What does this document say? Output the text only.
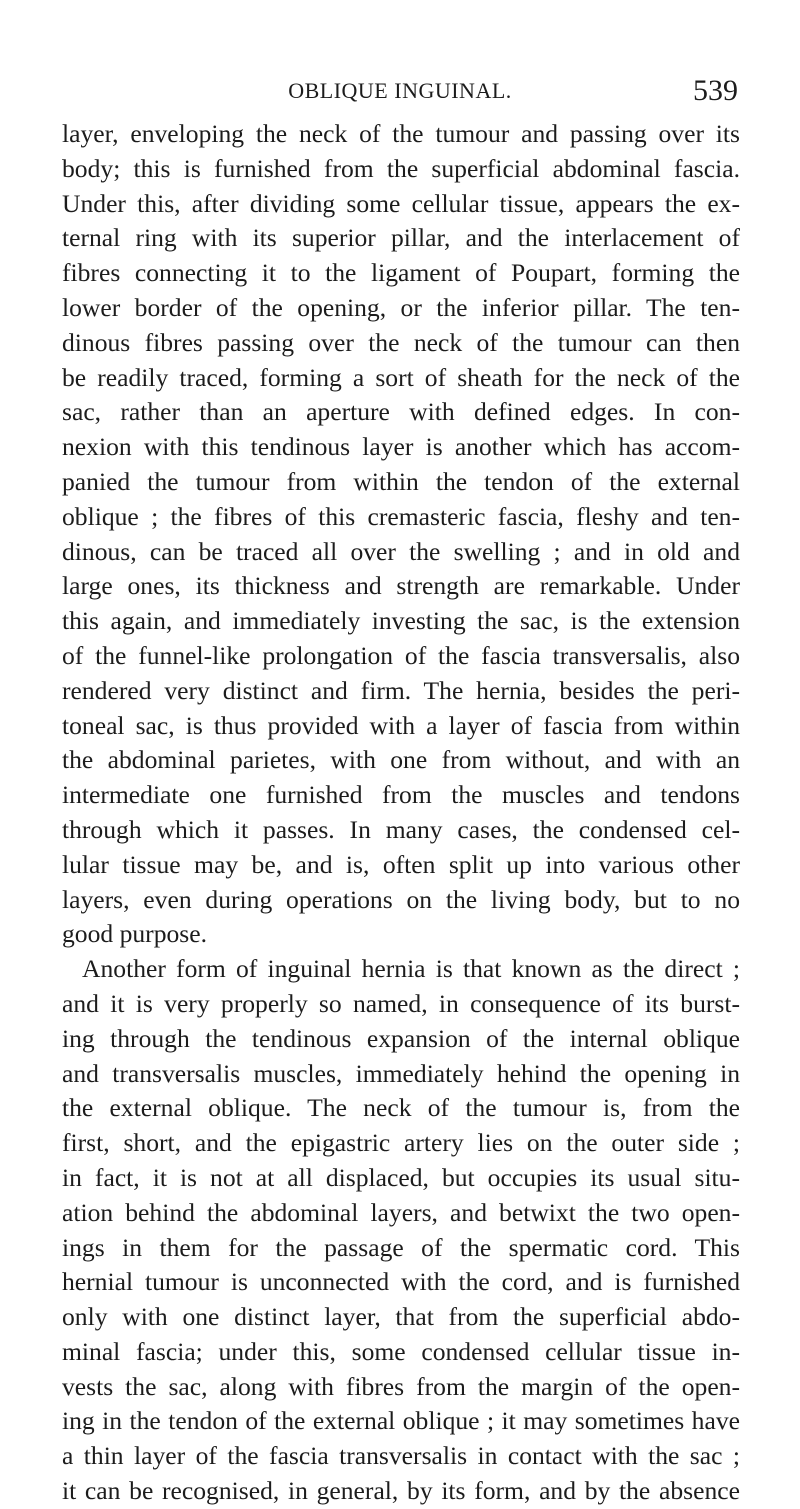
OBLIQUE INGUINAL.	539
layer, enveloping the neck of the tumour and passing over its
body; this is furnished from the superficial abdominal fascia.
Under this, after dividing some cellular tissue, appears the ex-
ternal ring with its superior pillar, and the interlacement of
fibres connecting it to the ligament of Poupart, forming the
lower border of the opening, or the inferior pillar. The ten-
dinous fibres passing over the neck of the tumour can then
be readily traced, forming a sort of sheath for the neck of the
sac, rather than an aperture with defined edges. In con-
nexion with this tendinous layer is another which has accom-
panied the tumour from within the tendon of the external
oblique ; the fibres of this cremasteric fascia, fleshy and ten-
dinous, can be traced all over the swelling ; and in old and
large ones, its thickness and strength are remarkable. Under
this again, and immediately investing the sac, is the extension
of the funnel-like prolongation of the fascia transversalis, also
rendered very distinct and firm. The hernia, besides the peri-
toneal sac, is thus provided with a layer of fascia from within
the abdominal parietes, with one from without, and with an
intermediate one furnished from the muscles and tendons
through which it passes. In many cases, the condensed cel-
lular tissue may be, and is, often split up into various other
layers, even during operations on the living body, but to no
good purpose.
Another form of inguinal hernia is that known as the direct ;
and it is very properly so named, in consequence of its burst-
ing through the tendinous expansion of the internal oblique
and transversalis muscles, immediately hehind the opening in
the external oblique. The neck of the tumour is, from the
first, short, and the epigastric artery lies on the outer side ;
in fact, it is not at all displaced, but occupies its usual situ-
ation behind the abdominal layers, and betwixt the two open-
ings in them for the passage of the spermatic cord. This
hernial tumour is unconnected with the cord, and is furnished
only with one distinct layer, that from the superficial abdo-
minal fascia; under this, some condensed cellular tissue in-
vests the sac, along with fibres from the margin of the open-
ing in the tendon of the external oblique ; it may sometimes have
a thin layer of the fascia transversalis in contact with the sac ;
it can be recognised, in general, by its form, and by the absence
